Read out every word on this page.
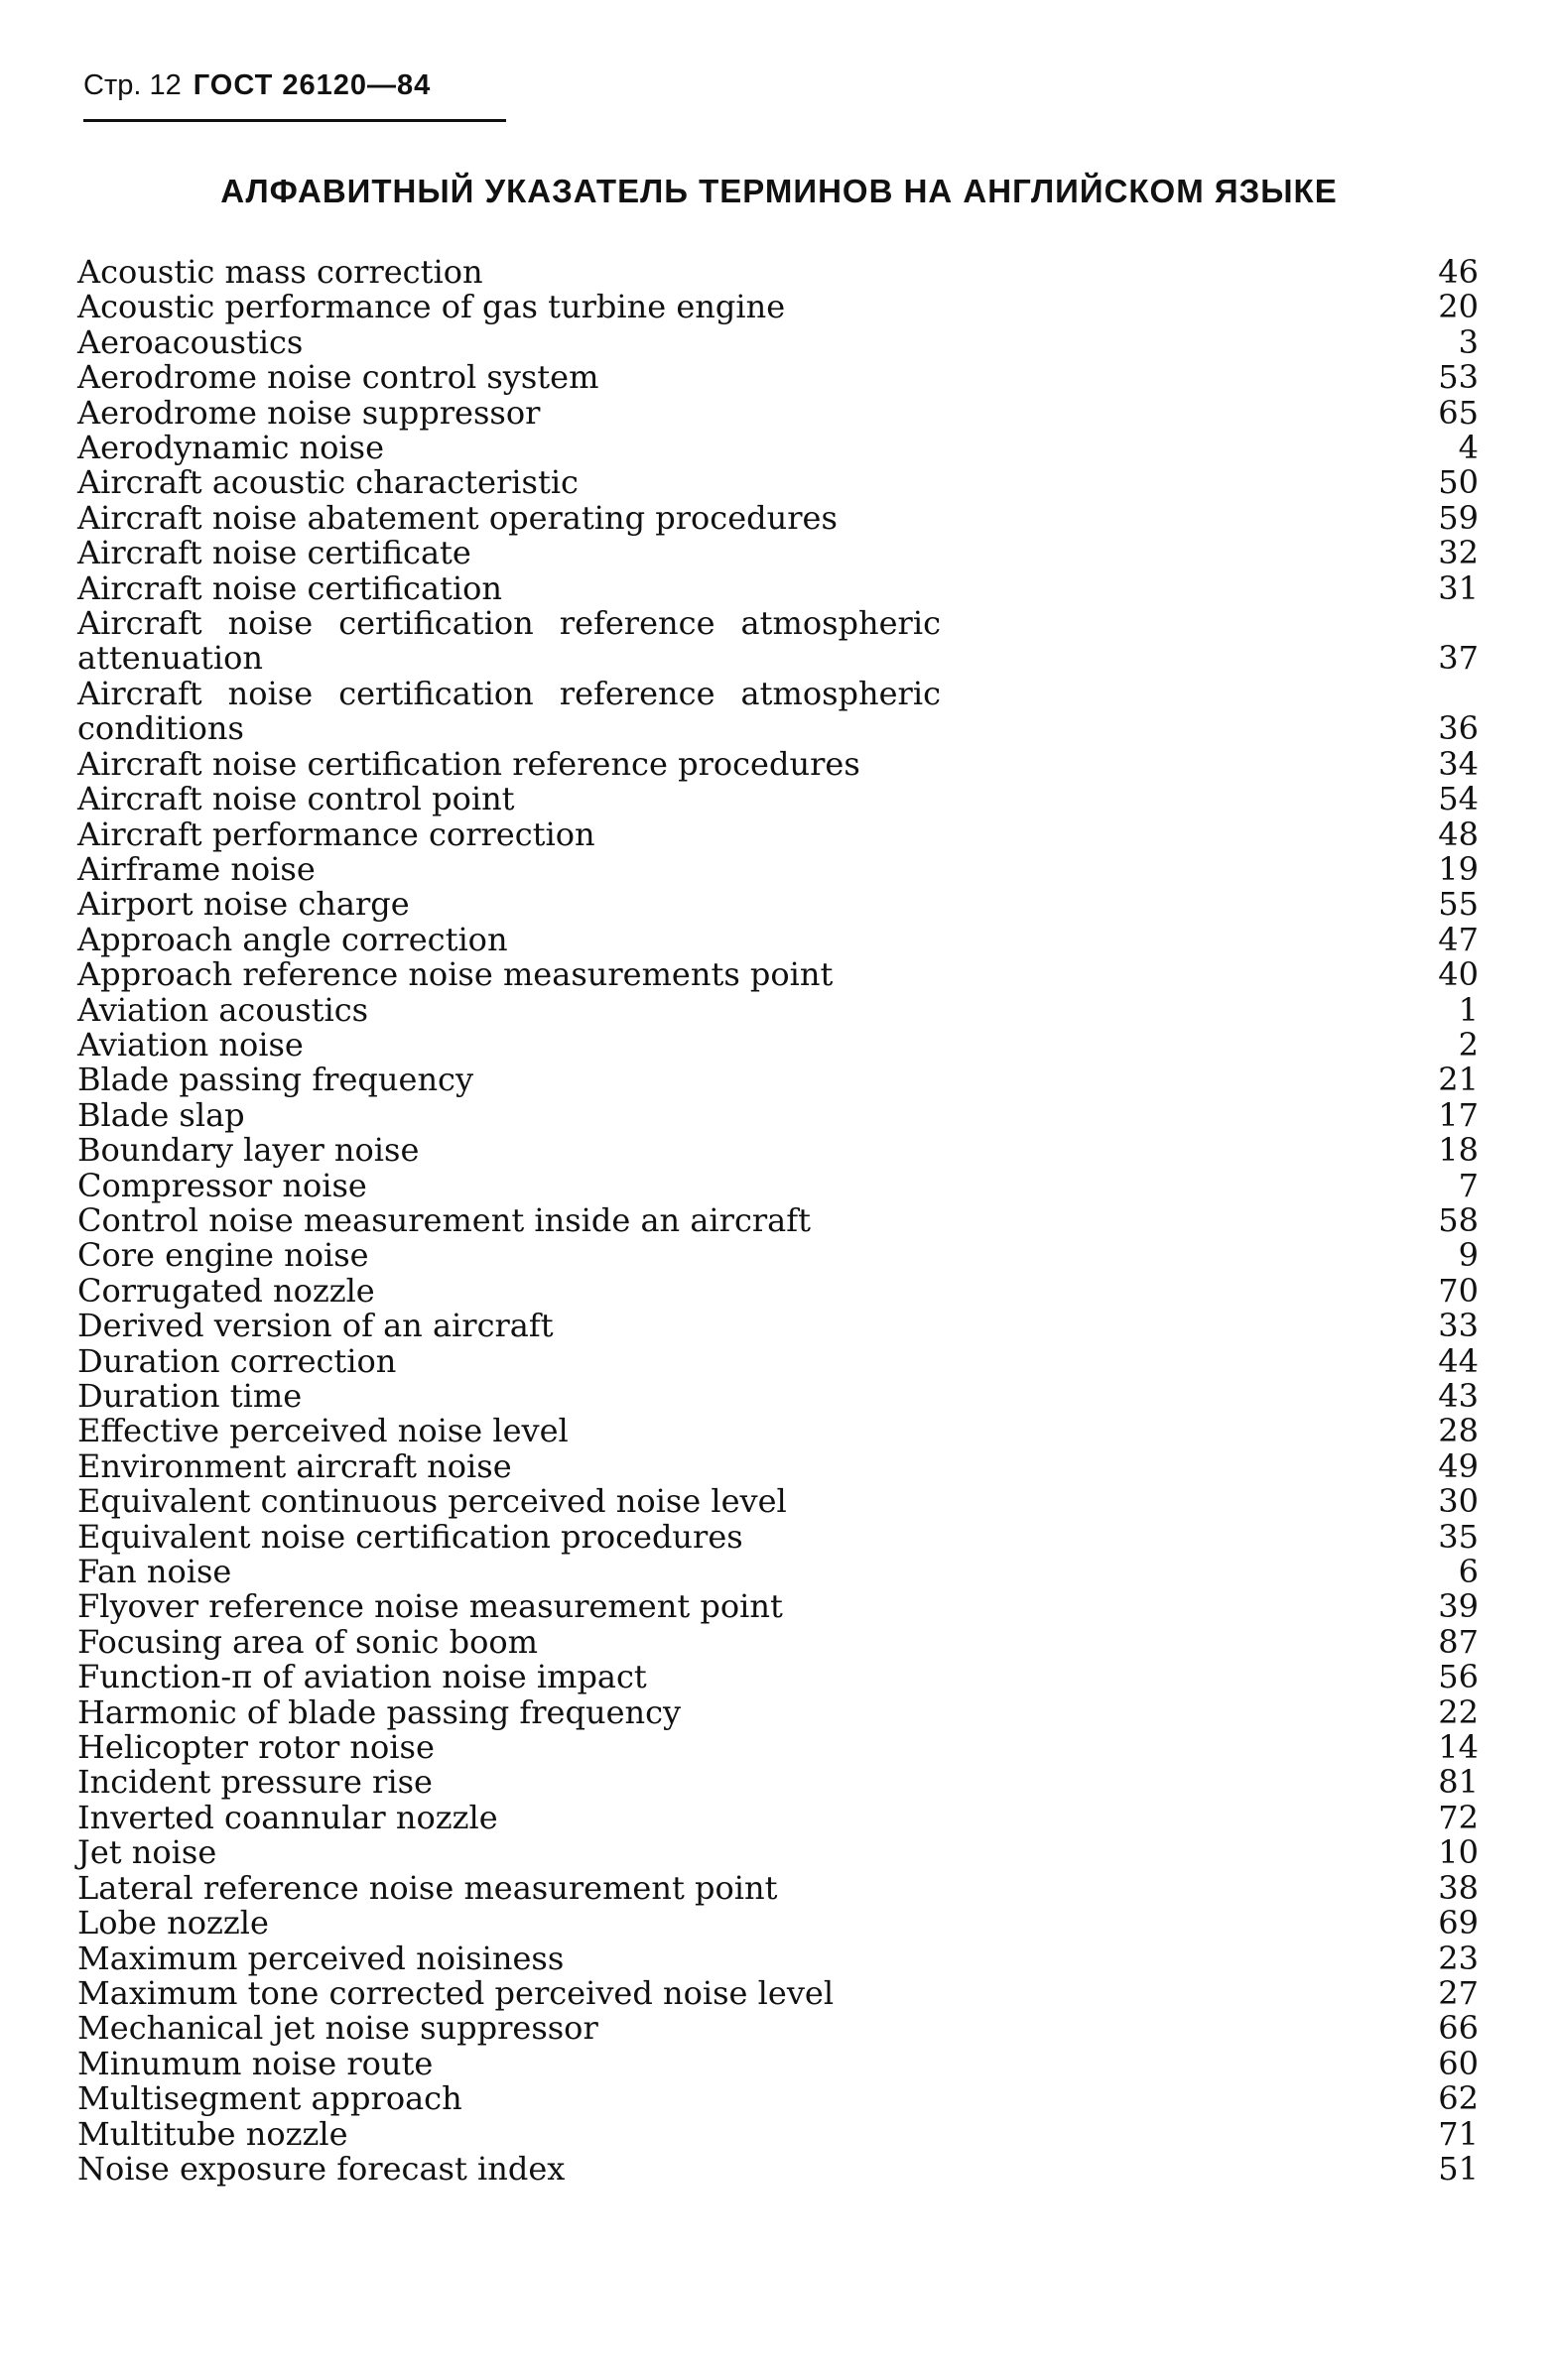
Стр. 12 ГОСТ 26120—84
АЛФАВИТНЫЙ УКАЗАТЕЛЬ ТЕРМИНОВ НА АНГЛИЙСКОМ ЯЗЫКЕ
Acoustic mass correction	46
Acoustic performance of gas turbine engine	20
Aeroacoustics	3
Aerodrome noise control system	53
Aerodrome noise suppressor	65
Aerodynamic noise	4
Aircraft acoustic characteristic	50
Aircraft noise abatement operating procedures	59
Aircraft noise certificate	32
Aircraft noise certification	31
Aircraft noise certification reference atmospheric attenuation	37
Aircraft noise certification reference atmospheric conditions	36
Aircraft noise certification reference procedures	34
Aircraft noise control point	54
Aircraft performance correction	48
Airframe noise	19
Airport noise charge	55
Approach angle correction	47
Approach reference noise measurements point	40
Aviation acoustics	1
Aviation noise	2
Blade passing frequency	21
Blade slap	17
Boundary layer noise	18
Compressor noise	7
Control noise measurement inside an aircraft	58
Core engine noise	9
Corrugated nozzle	70
Derived version of an aircraft	33
Duration correction	44
Duration time	43
Effective perceived noise level	28
Environment aircraft noise	49
Equivalent continuous perceived noise level	30
Equivalent noise certification procedures	35
Fan noise	6
Flyover reference noise measurement point	39
Focusing area of sonic boom	87
Function-π of aviation noise impact	56
Harmonic of blade passing frequency	22
Helicopter rotor noise	14
Incident pressure rise	81
Inverted coannular nozzle	72
Jet noise	10
Lateral reference noise measurement point	38
Lobe nozzle	69
Maximum perceived noisiness	23
Maximum tone corrected perceived noise level	27
Mechanical jet noise suppressor	66
Minumum noise route	60
Multisegment approach	62
Multitube nozzle	71
Noise exposure forecast index	51
